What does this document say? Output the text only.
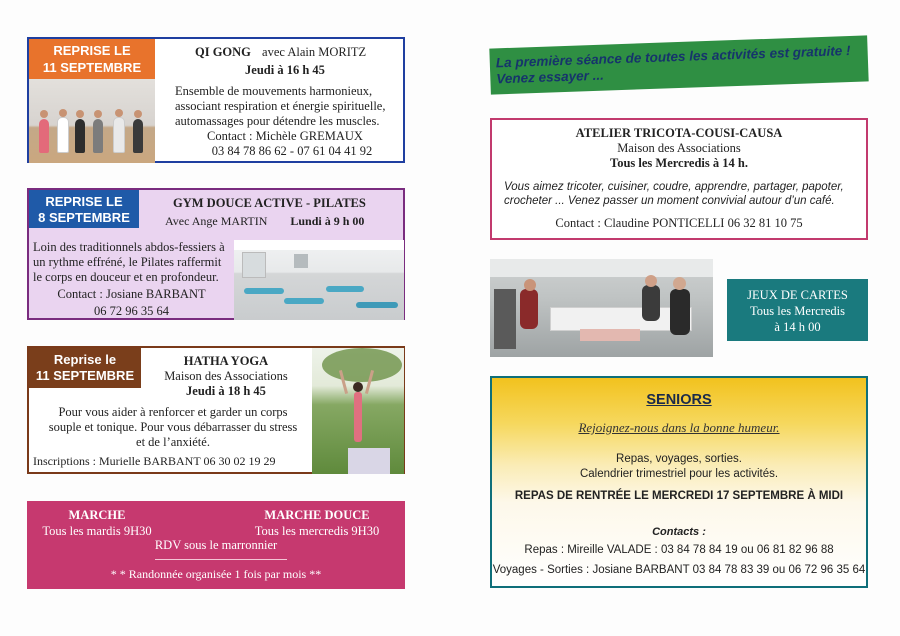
REPRISE LE
11 SEPTEMBRE
QI GONG avec Alain MORITZ
Jeudi à 16 h 45
Ensemble de mouvements harmonieux,
associant respiration et énergie spirituelle,
automassages pour détendre les muscles.
Contact : Michèle GREMAUX
03 84 78 86 62 - 07 61 04 41 92
REPRISE LE
8 SEPTEMBRE
GYM DOUCE ACTIVE - PILATES
Avec Ange MARTIN Lundi à 9 h 00
Loin des traditionnels abdos-fessiers à
un rythme effréné, le Pilates raffermit
le corps en douceur et en profondeur.
Contact : Josiane BARBANT
06 72 96 35 64
Reprise le
11 SEPTEMBRE
HATHA YOGA
Maison des Associations
Jeudi à 18 h 45
Pour vous aider à renforcer et garder un corps
souple et tonique. Pour vous débarrasser du stress
et de l’anxiété.
Inscriptions : Murielle BARBANT 06 30 02 19 29
MARCHE
Tous les mardis 9H30
MARCHE DOUCE
Tous les mercredis 9H30
RDV sous le marronnier
* * Randonnée organisée 1 fois par mois **
La première séance de toutes les activités est gratuite !
Venez essayer ...
ATELIER TRICOTA-COUSI-CAUSA
Maison des Associations
Tous les Mercredis à 14 h.
Vous aimez tricoter, cuisiner, coudre, apprendre, partager, papoter,
crocheter ... Venez passer un moment convivial autour d’un café.
Contact : Claudine PONTICELLI 06 32 81 10 75
JEUX DE CARTES
Tous les Mercredis
à 14 h 00
SENIORS
Rejoignez-nous dans la bonne humeur.
Repas, voyages, sorties.
Calendrier trimestriel pour les activités.
REPAS DE RENTRÉE LE MERCREDI 17 SEPTEMBRE À MIDI
Contacts :
Repas : Mireille VALADE : 03 84 78 84 19 ou 06 81 82 96 88
Voyages - Sorties : Josiane BARBANT 03 84 78 83 39 ou 06 72 96 35 64
